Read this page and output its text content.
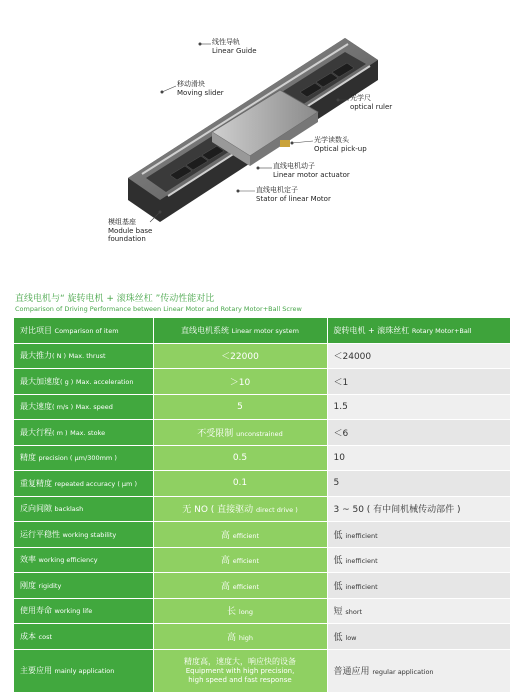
线性导轨
Linear Guide
移动滑块
Moving slider
光学尺
optical ruler
光学读数头
Optical pick-up
直线电机动子
Linear motor actuator
直线电机定子
Stator of linear Motor
模组基座
Module base foundation
直线电机与“ 旋转电机 + 滚珠丝杠 ”传动性能对比
Comparison of Driving Performance between Linear Motor and Rotary Motor+Ball Screw
对比项目 Comparison of item	直线电机系统 Linear motor system	旋转电机 + 滚珠丝杠 Rotary Motor+Ball
最大推力( N ) Max. thrust	＜22000	＜24000
最大加速度( g ) Max. acceleration	＞10	＜1
最大速度( m/s ) Max. speed	5	1.5
最大行程( m ) Max. stoke	不受限制 unconstrained	＜6
精度 precision ( μm/300mm )	0.5	10
重复精度 repeated accuracy ( μm )	0.1	5
反向间隙 backlash	无 NO ( 直接驱动 direct drive )	3 ~ 50 ( 有中间机械传动部件 )
运行平稳性 working stability	高 efficient	低 inefficient
效率 working efficiency	高 efficient	低 inefficient
刚度 rigidity	高 efficient	低 inefficient
使用寿命 working life	长 long	短 short
成本 cost	高 high	低 low
主要应用 mainly application	精度高，速度大，响应快的设备
Equipment with high precision,
high speed and fast response	普通应用 regular application
